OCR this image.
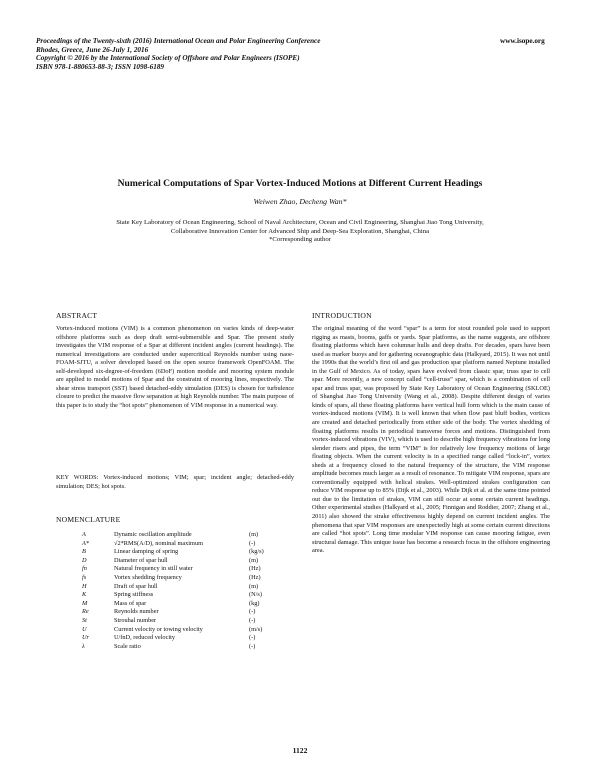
Proceedings of the Twenty-sixth (2016) International Ocean and Polar Engineering Conference
Rhodes, Greece, June 26-July 1, 2016
Copyright © 2016 by the International Society of Offshore and Polar Engineers (ISOPE)
ISBN 978-1-880653-88-3; ISSN 1098-6189
www.isope.org
Numerical Computations of Spar Vortex-Induced Motions at Different Current Headings
Weiwen Zhao, Decheng Wan*
State Key Laboratory of Ocean Engineering, School of Naval Architecture, Ocean and Civil Engineering, Shanghai Jiao Tong University,
Collaborative Innovation Center for Advanced Ship and Deep-Sea Exploration, Shanghai, China
*Corresponding author
ABSTRACT
Vortex-induced motions (VIM) is a common phenomenon on varies kinds of deep-water offshore platforms such as deep draft semi-submersible and Spar. The present study investigates the VIM response of a Spar at different incident angles (current headings). The numerical investigations are conducted under supercritical Reynolds number using naoe-FOAM-SJTU, a solver developed based on the open source framework OpenFOAM. The self-developed six-degree-of-freedom (6DoF) motion module and mooring system module are applied to model motions of Spar and the constraint of mooring lines, respectively. The shear stress transport (SST) based detached-eddy simulation (DES) is chosen for turbulence closure to predict the massive flow separation at high Reynolds number. The main purpose of this paper is to study the “hot spots” phenomenon of VIM response in a numerical way.
KEY WORDS: Vortex-induced motions; VIM; spar; incident angle; detached-eddy simulation; DES; hot spots.
NOMENCLATURE
A	Dynamic oscillation amplitude	(m)
A*	√2*RMS(A/D), nominal maximum	(-)
B	Linear damping of spring	(kg/s)
D	Diameter of spar hull	(m)
fn	Natural frequency in still water	(Hz)
fs	Vortex shedding frequency	(Hz)
H	Draft of spar hull	(m)
K	Spring stiffness	(N/s)
M	Mass of spar	(kg)
Re	Reynolds number	(-)
St	Strouhal number	(-)
U	Current velocity or towing velocity	(m/s)
Ur	U/fnD, reduced velocity	(-)
λ	Scale ratio	(-)
INTRODUCTION
The original meaning of the word “spar” is a term for stout rounded pole used to support rigging as masts, booms, gaffs or yards. Spar platforms, as the name suggests, are offshore floating platforms which have columnar hulls and deep drafts. For decades, spars have been used as marker buoys and for gathering oceanographic data (Halkyard, 2015). It was not until the 1990s that the world’s first oil and gas production spar platform named Neptune installed in the Gulf of Mexico. As of today, spars have evolved from classic spar, truss spar to cell spar. More recently, a new concept called “cell-truss” spar, which is a combination of cell spar and truss spar, was proposed by State Key Laboratory of Ocean Engineering (SKLOE) of Shanghai Jiao Tong University (Wang et al., 2008). Despite different design of varies kinds of spars, all these floating platforms have vertical hull form which is the main cause of vortex-induced motions (VIM). It is well known that when flow past bluff bodies, vortices are created and detached periodically from either side of the body. The vortex shedding of floating platforms results in periodical transverse forces and motions. Distinguished from vortex-induced vibrations (VIV), which is used to describe high frequency vibrations for long slender risers and pipes, the term “VIM” is for relatively low frequency motions of large floating objects. When the current velocity is in a specified range called “lock-in”, vortex sheds at a frequency closed to the natural frequency of the structure, the VIM response amplitude becomes much larger as a result of resonance. To mitigate VIM response, spars are conventionally equipped with helical strakes. Well-optimized strakes configuration can reduce VIM response up to 85% (Dijk et al., 2003). While Dijk et al. at the same time pointed out due to the limitation of strakes, VIM can still occur at some certain current headings. Other experimental studies (Halkyard et al., 2005; Finnigan and Roddier, 2007; Zhang et al., 2011) also showed the strake effectiveness highly depend on current incident angles. The phenomena that spar VIM responses are unexpectedly high at some certain current directions are called “hot spots”. Long time modular VIM response can cause mooring fatigue, even structural damage. This unique issue has become a research focus in the offshore engineering area.
1122
